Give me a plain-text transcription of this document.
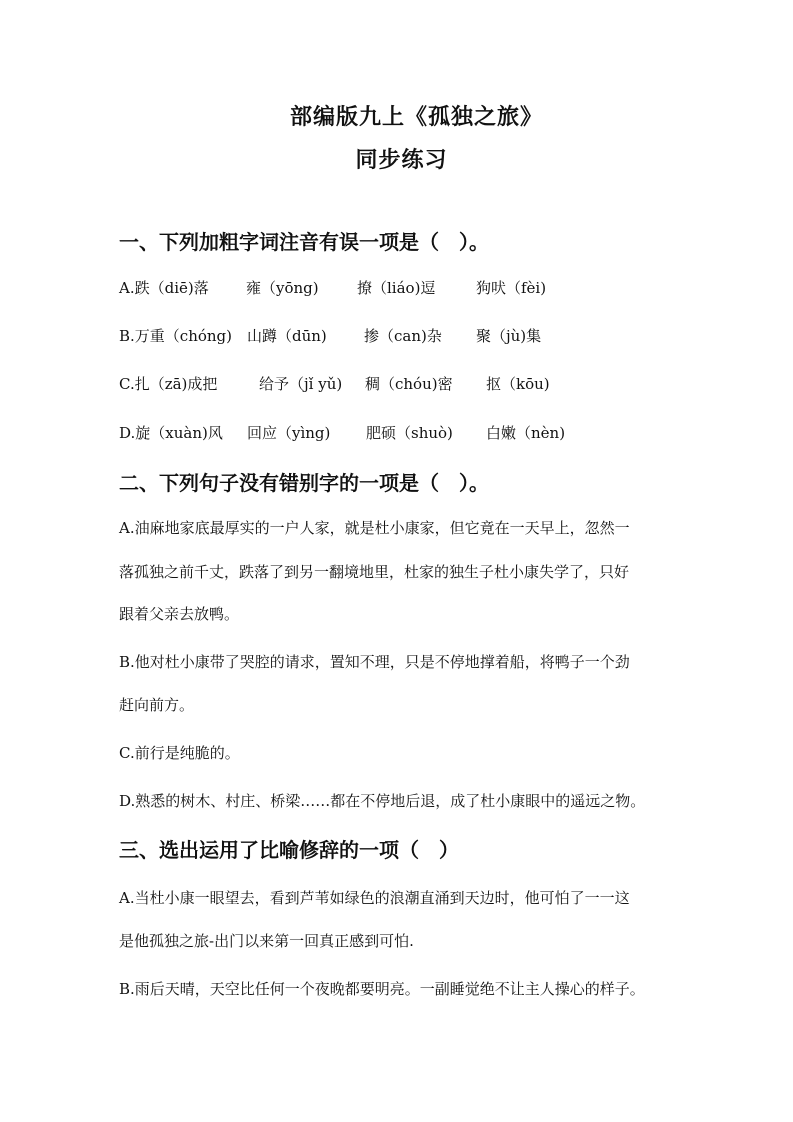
部编版九上《孤独之旅》
同步练习
一、下列加粗字词注音有误一项是（　）。
A.跌（diē)落 雍（yōng)	撩（liáo)逗	狗吠（fèi)
B.万重（chóng) 山蹲（dūn) 掺（can)杂 聚（jù)集
C.扎（zā)成把	给予（jǐ yǔ) 稠（chóu)密 抠（kōu)
D.旋（xuàn)风 回应（yìng) 肥硕（shuò) 白嫩（nèn)
二、下列句子没有错别字的一项是（　）。
A.油麻地家底最厚实的一户人家，就是杜小康家，但它竟在一天早上，忽然一
落孤独之前千丈，跌落了到另一翻境地里，杜家的独生子杜小康失学了，只好
跟着父亲去放鸭。
B.他对杜小康带了哭腔的请求，置知不理，只是不停地撑着船，将鸭子一个劲
赶向前方。
C.前行是纯脆的。
D.熟悉的树木、村庄、桥梁……都在不停地后退，成了杜小康眼中的遥远之物。
三、选出运用了比喻修辞的一项（　）
A.当杜小康一眼望去，看到芦苇如绿色的浪潮直涌到天边时，他可怕了一一这
是他孤独之旅-出门以来第一回真正感到可怕.
B.雨后天晴，天空比任何一个夜晚都要明亮。一副睡觉绝不让主人操心的样子。
